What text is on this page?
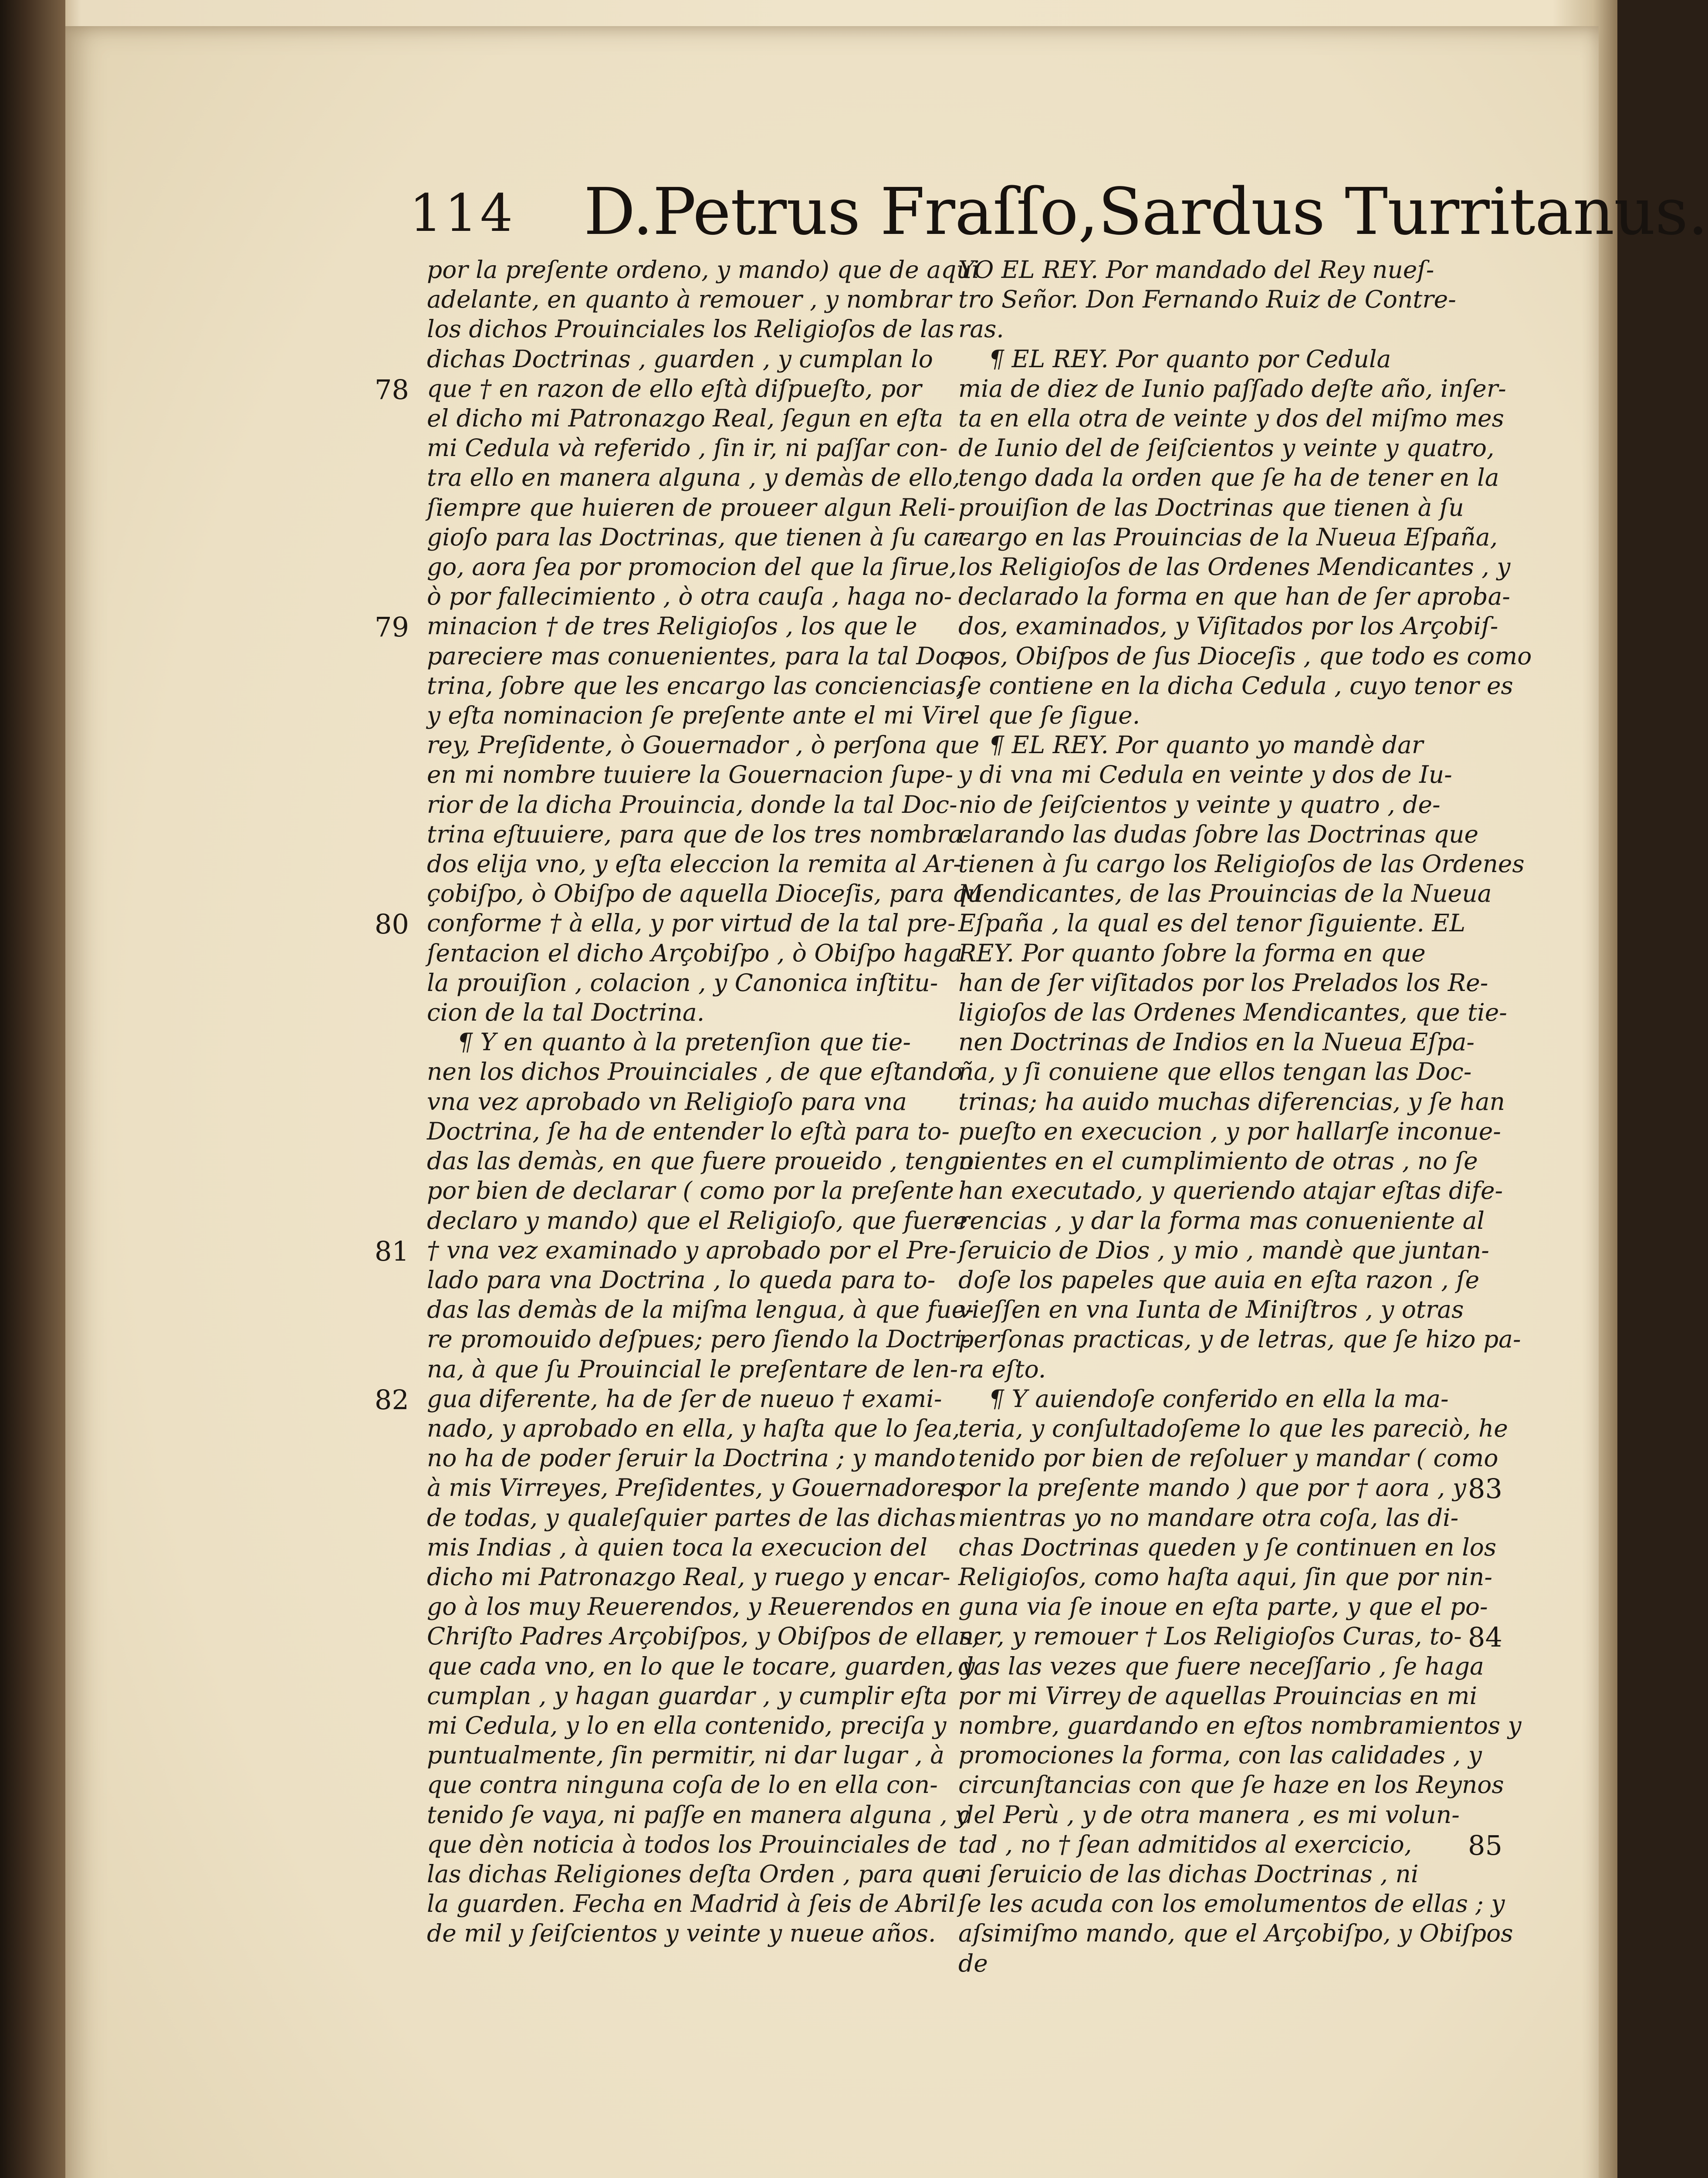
114 D.Petrus Fraſſo,Sardus Turritanus.
por la preſente ordeno, y mando) que de aqui
adelante, en quanto à remouer , y nombrar
los dichos Prouinciales los Religioſos de las
dichas Doctrinas , guarden , y cumplan lo
que † en razon de ello eſtà diſpueſto, por
el dicho mi Patronazgo Real, ſegun en eſta
mi Cedula và referido , ſin ir, ni paſſar con-
tra ello en manera alguna , y demàs de ello,
ſiempre que huieren de proueer algun Reli-
gioſo para las Doctrinas, que tienen à ſu car-
go, aora ſea por promocion del que la ſirue,
ò por fallecimiento , ò otra cauſa , haga no-
minacion † de tres Religioſos , los que le
pareciere mas conuenientes, para la tal Doc-
trina, ſobre que les encargo las conciencias;
y eſta nominacion ſe preſente ante el mi Vir-
rey, Preſidente, ò Gouernador , ò perſona que
en mi nombre tuuiere la Gouernacion ſupe-
rior de la dicha Prouincia, donde la tal Doc-
trina eſtuuiere, para que de los tres nombra-
dos elija vno, y eſta eleccion la remita al Ar-
çobiſpo, ò Obiſpo de aquella Dioceſis, para que
conforme † à ella, y por virtud de la tal pre-
ſentacion el dicho Arçobiſpo , ò Obiſpo haga
la prouiſion , colacion , y Canonica inſtitu-
cion de la tal Doctrina.
¶ Y en quanto à la pretenſion que tie-
nen los dichos Prouinciales , de que eſtando
vna vez aprobado vn Religioſo para vna
Doctrina, ſe ha de entender lo eſtà para to-
das las demàs, en que fuere proueido , tengo
por bien de declarar ( como por la preſente
declaro y mando) que el Religioſo, que fuere
† vna vez examinado y aprobado por el Pre-
lado para vna Doctrina , lo queda para to-
das las demàs de la miſma lengua, à que fue-
re promouido deſpues; pero ſiendo la Doctri-
na, à que ſu Prouincial le preſentare de len-
gua diferente, ha de ſer de nueuo † exami-
nado, y aprobado en ella, y haſta que lo ſea,
no ha de poder ſeruir la Doctrina ; y mando
à mis Virreyes, Preſidentes, y Gouernadores
de todas, y qualeſquier partes de las dichas
mis Indias , à quien toca la execucion del
dicho mi Patronazgo Real, y ruego y encar-
go à los muy Reuerendos, y Reuerendos en
Chriſto Padres Arçobiſpos, y Obiſpos de ellas,
que cada vno, en lo que le tocare, guarden, y
cumplan , y hagan guardar , y cumplir eſta
mi Cedula, y lo en ella contenido, preciſa y
puntualmente, ſin permitir, ni dar lugar , à
que contra ninguna coſa de lo en ella con-
tenido ſe vaya, ni paſſe en manera alguna , y
que dèn noticia à todos los Prouinciales de
las dichas Religiones deſta Orden , para que
la guarden. Fecha en Madrid à ſeis de Abril
de mil y ſeiſcientos y veinte y nueue años.
YO EL REY. Por mandado del Rey nueſ-
tro Señor. Don Fernando Ruiz de Contre-
ras.
¶ EL REY. Por quanto por Cedula
mia de diez de Iunio paſſado deſte año, inſer-
ta en ella otra de veinte y dos del miſmo mes
de Iunio del de ſeiſcientos y veinte y quatro,
tengo dada la orden que ſe ha de tener en la
prouiſion de las Doctrinas que tienen à ſu
cargo en las Prouincias de la Nueua Eſpaña,
los Religioſos de las Ordenes Mendicantes , y
declarado la forma en que han de ſer aproba-
dos, examinados, y Viſitados por los Arçobiſ-
pos, Obiſpos de ſus Dioceſis , que todo es como
ſe contiene en la dicha Cedula , cuyo tenor es
el que ſe ſigue.
¶ EL REY. Por quanto yo mandè dar
y di vna mi Cedula en veinte y dos de Iu-
nio de ſeiſcientos y veinte y quatro , de-
clarando las dudas ſobre las Doctrinas que
tienen à ſu cargo los Religioſos de las Ordenes
Mendicantes, de las Prouincias de la Nueua
Eſpaña , la qual es del tenor ſiguiente. EL
REY. Por quanto ſobre la forma en que
han de ſer viſitados por los Prelados los Re-
ligioſos de las Ordenes Mendicantes, que tie-
nen Doctrinas de Indios en la Nueua Eſpa-
ña, y ſi conuiene que ellos tengan las Doc-
trinas; ha auido muchas diferencias, y ſe han
pueſto en execucion , y por hallarſe inconue-
nientes en el cumplimiento de otras , no ſe
han executado, y queriendo atajar eſtas dife-
rencias , y dar la forma mas conueniente al
ſeruicio de Dios , y mio , mandè que juntan-
doſe los papeles que auia en eſta razon , ſe
vieſſen en vna Iunta de Miniſtros , y otras
perſonas practicas, y de letras, que ſe hizo pa-
ra eſto.
¶ Y auiendoſe conferido en ella la ma-
teria, y conſultadoſeme lo que les pareciò, he
tenido por bien de reſoluer y mandar ( como
por la preſente mando ) que por † aora , y
mientras yo no mandare otra coſa, las di-
chas Doctrinas queden y ſe continuen en los
Religioſos, como haſta aqui, ſin que por nin-
guna via ſe inoue en eſta parte, y que el po-
ner, y remouer † Los Religioſos Curas, to-
das las vezes que fuere neceſſario , ſe haga
por mi Virrey de aquellas Prouincias en mi
nombre, guardando en eſtos nombramientos y
promociones la forma, con las calidades , y
circunſtancias con que ſe haze en los Reynos
del Perù , y de otra manera , es mi volun-
tad , no † ſean admitidos al exercicio,
ni ſeruicio de las dichas Doctrinas , ni
ſe les acuda con los emolumentos de ellas ; y
aſsimiſmo mando, que el Arçobiſpo, y Obiſpos
de
78
79
80
81
82
83
84
85
